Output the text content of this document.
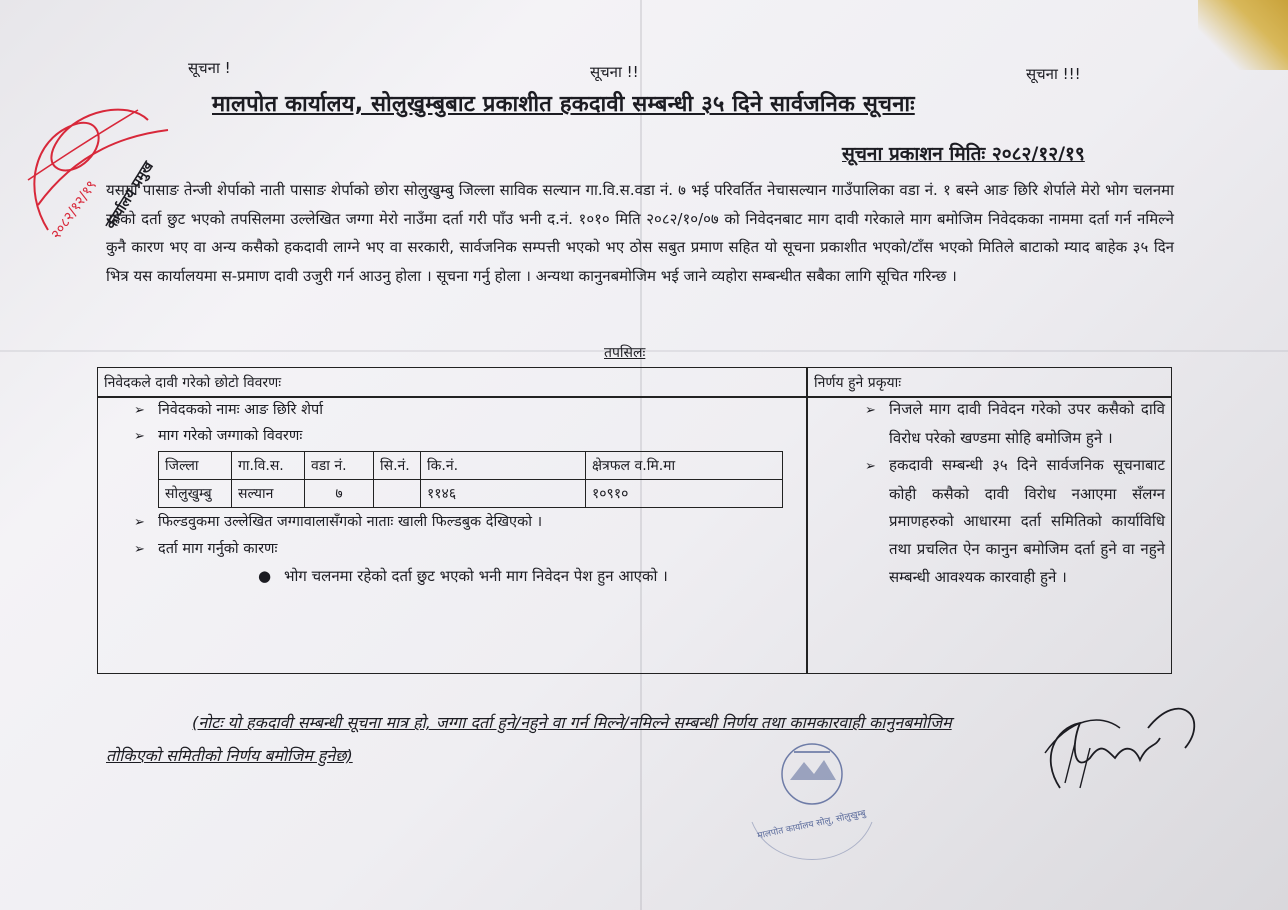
सूचना !	सूचना !!	सूचना !!!
मालपोत कार्यालय, सोलुखुम्बुबाट प्रकाशीत हकदावी सम्बन्धी ३५ दिने सार्वजनिक सूचनाः
सूचना प्रकाशन मितिः २०८२/१२/१९
यसमा पासाङ तेन्जी शेर्पाको नाती पासाङ शेर्पाको छोरा सोलुखुम्बु जिल्ला साविक सल्यान गा.वि.स.वडा नं. ७ भई परिवर्तित नेचासल्यान गाउँपालिका वडा नं. १ बस्ने आङ छिरि शेर्पाले मेरो भोग चलनमा रहेको दर्ता छुट भएको तपसिलमा उल्लेखित जग्गा मेरो नाउँमा दर्ता गरी पाँउ भनी द.नं. १०१० मिति २०८२/१०/०७ को निवेदनबाट माग दावी गरेकाले माग बमोजिम निवेदकका नाममा दर्ता गर्न नमिल्ने कुनै कारण भए वा अन्य कसैको हकदावी लाग्ने भए वा सरकारी, सार्वजनिक सम्पत्ती भएको भए ठोस सबुत प्रमाण सहित यो सूचना प्रकाशीत भएको/टाँस भएको मितिले बाटाको म्याद बाहेक ३५ दिन भित्र यस कार्यालयमा स-प्रमाण दावी उजुरी गर्न आउनु होला । सूचना गर्नु होला । अन्यथा कानुनबमोजिम भई जाने व्यहोरा सम्बन्धीत सबैका लागि सूचित गरिन्छ ।
तपसिलः
निवेदकले दावी गरेको छोटो विवरणः	निर्णय हुने प्रकृयाः
➢ निवेदकको नामः आङ छिरि शेर्पा
➢ माग गरेको जग्गाको विवरणः
जिल्ला	गा.वि.स.	वडा नं.	सि.नं.	कि.नं.	क्षेत्रफल व.मि.मा
सोलुखुम्बु	सल्यान	७		११४६	१०९१०
➢ फिल्डवुकमा उल्लेखित जग्गावालासँगको नाताः खाली फिल्डबुक देखिएको ।
➢ दर्ता माग गर्नुको कारणः
● भोग चलनमा रहेको दर्ता छुट भएको भनी माग निवेदन पेश हुन आएको ।

➢ निजले माग दावी निवेदन गरेको उपर कसैको दावि विरोध परेको खण्डमा सोहि बमोजिम हुने ।

➢ हकदावी सम्बन्धी ३५ दिने सार्वजनिक सूचनाबाट कोही कसैको दावी विरोध नआएमा सँलग्न प्रमाणहरुको आधारमा दर्ता समितिको कार्याविधि तथा प्रचलित ऐन कानुन बमोजिम दर्ता हुने वा नहुने सम्बन्धी आवश्यक कारवाही हुने ।

(नोटः यो हकदावी सम्बन्धी सूचना मात्र हो, जग्गा दर्ता हुने/नहुने वा गर्न मिल्ने/नमिल्ने सम्बन्धी निर्णय तथा कामकारवाही कानुनबमोजिम
तोकिएको समितीको निर्णय बमोजिम हुनेछ)
२०८२/१२/१९ कार्यालय प्रमुख
मालपोत कार्यालय सोलु, सोलुखुम्बु
